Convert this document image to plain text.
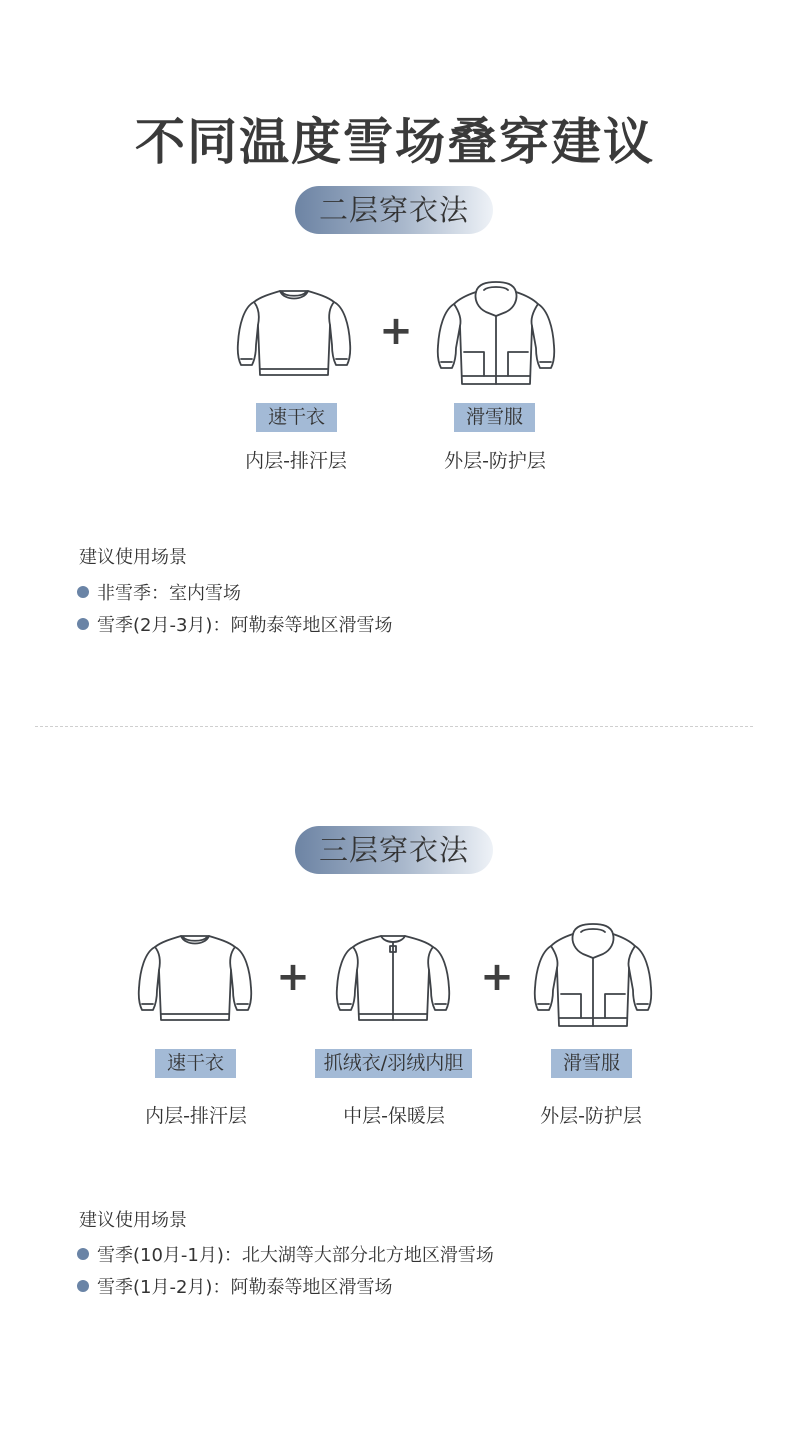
不同温度雪场叠穿建议
二层穿衣法
+
速干衣	滑雪服
内层-排汗层	外层-防护层
建议使用场景
非雪季：室内雪场
雪季(2月-3月)：阿勒泰等地区滑雪场
三层穿衣法
+	+
速干衣	抓绒衣/羽绒内胆	滑雪服
内层-排汗层	中层-保暖层	外层-防护层
建议使用场景
雪季(10月-1月)：北大湖等大部分北方地区滑雪场
雪季(1月-2月)：阿勒泰等地区滑雪场
